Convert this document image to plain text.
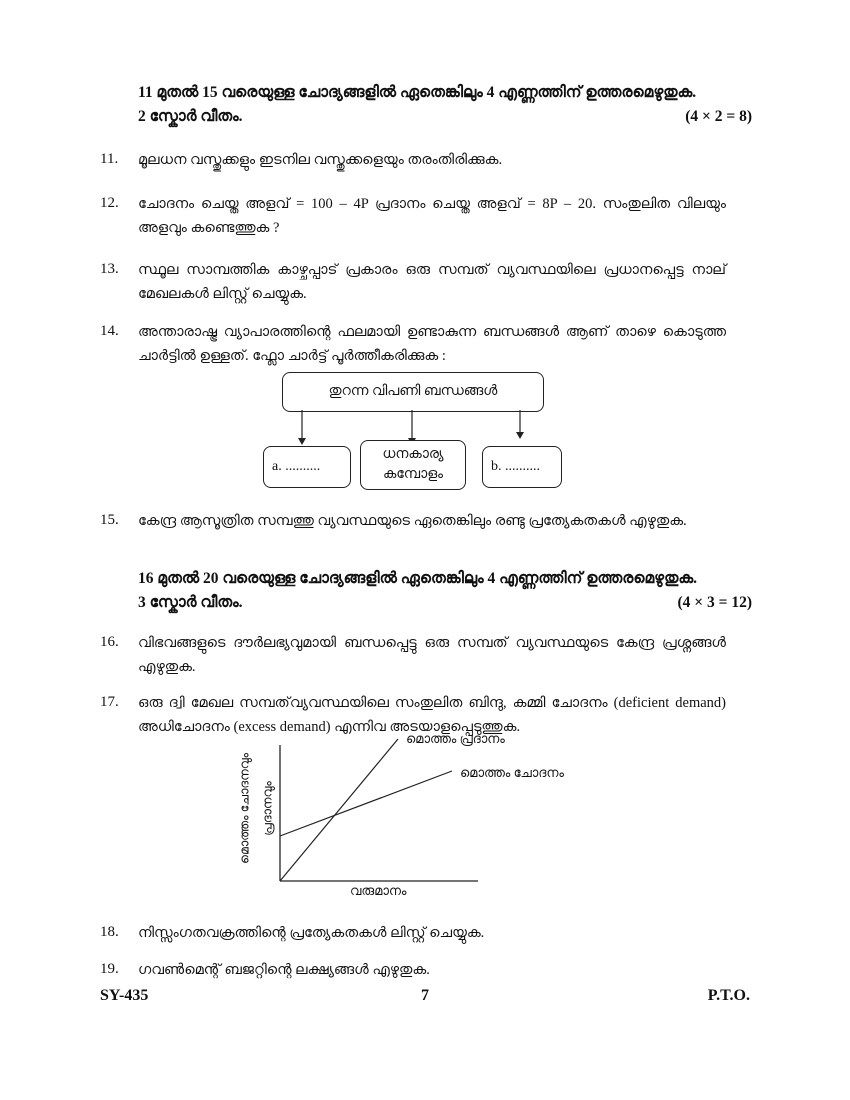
11 മുതൽ 15 വരെയുള്ള ചോദ്യങ്ങളിൽ ഏതെങ്കിലും 4 എണ്ണത്തിന് ഉത്തരമെഴുതുക.
2 സ്കോർ വീതം.	(4 × 2 = 8)
11. മൂലധന വസ്തുക്കളും ഇടനില വസ്തുക്കളെയും തരംതിരിക്കുക.
12. ചോദനം ചെയ്ത അളവ് = 100 – 4P പ്രദാനം ചെയ്ത അളവ് = 8P – 20. സംതുലിത വിലയും അളവും കണ്ടെത്തുക ?
13. സ്ഥൂല സാമ്പത്തിക കാഴ്ചപ്പാട് പ്രകാരം ഒരു സമ്പത് വ്യവസ്ഥയിലെ പ്രധാനപ്പെട്ട നാല് മേഖലകൾ ലിസ്റ്റ് ചെയ്യുക.
14. അന്താരാഷ്ട്ര വ്യാപാരത്തിന്റെ ഫലമായി ഉണ്ടാകുന്ന ബന്ധങ്ങൾ ആണ് താഴെ കൊടുത്ത ചാർട്ടിൽ ഉള്ളത്. ഫ്ലോ ചാർട്ട് പൂർത്തീകരിക്കുക :
തുറന്ന വിപണി ബന്ധങ്ങൾ
a. ..........
ധനകാര്യ
കമ്പോളം
b. ..........
15. കേന്ദ്ര ആസൂത്രിത സമ്പത്തു വ്യവസ്ഥയുടെ ഏതെങ്കിലും രണ്ടു പ്രത്യേകതകൾ എഴുതുക.
16 മുതൽ 20 വരെയുള്ള ചോദ്യങ്ങളിൽ ഏതെങ്കിലും 4 എണ്ണത്തിന് ഉത്തരമെഴുതുക.
3 സ്കോർ വീതം.	(4 × 3 = 12)
16. വിഭവങ്ങളുടെ ദൗർലഭ്യവുമായി ബന്ധപ്പെട്ടു ഒരു സമ്പത് വ്യവസ്ഥയുടെ കേന്ദ്ര പ്രശ്നങ്ങൾ എഴുതുക.
17. ഒരു ദ്വി മേഖല സമ്പത്‌വ്യവസ്ഥയിലെ സംതുലിത ബിന്ദു, കമ്മി ചോദനം (deficient demand) അധിചോദനം (excess demand) എന്നിവ അടയാളപ്പെടുത്തുക.
മൊത്തം പ്രദാനം
മൊത്തം ചോദനം
മൊത്തം ചോദനവും പ്രദാനവും
വരുമാനം
18. നിസ്സംഗതവക്രത്തിന്റെ പ്രത്യേകതകൾ ലിസ്റ്റ് ചെയ്യുക.
19. ഗവൺമെന്റ് ബജറ്റിന്റെ ലക്ഷ്യങ്ങൾ എഴുതുക.
SY-435	7	P.T.O.
